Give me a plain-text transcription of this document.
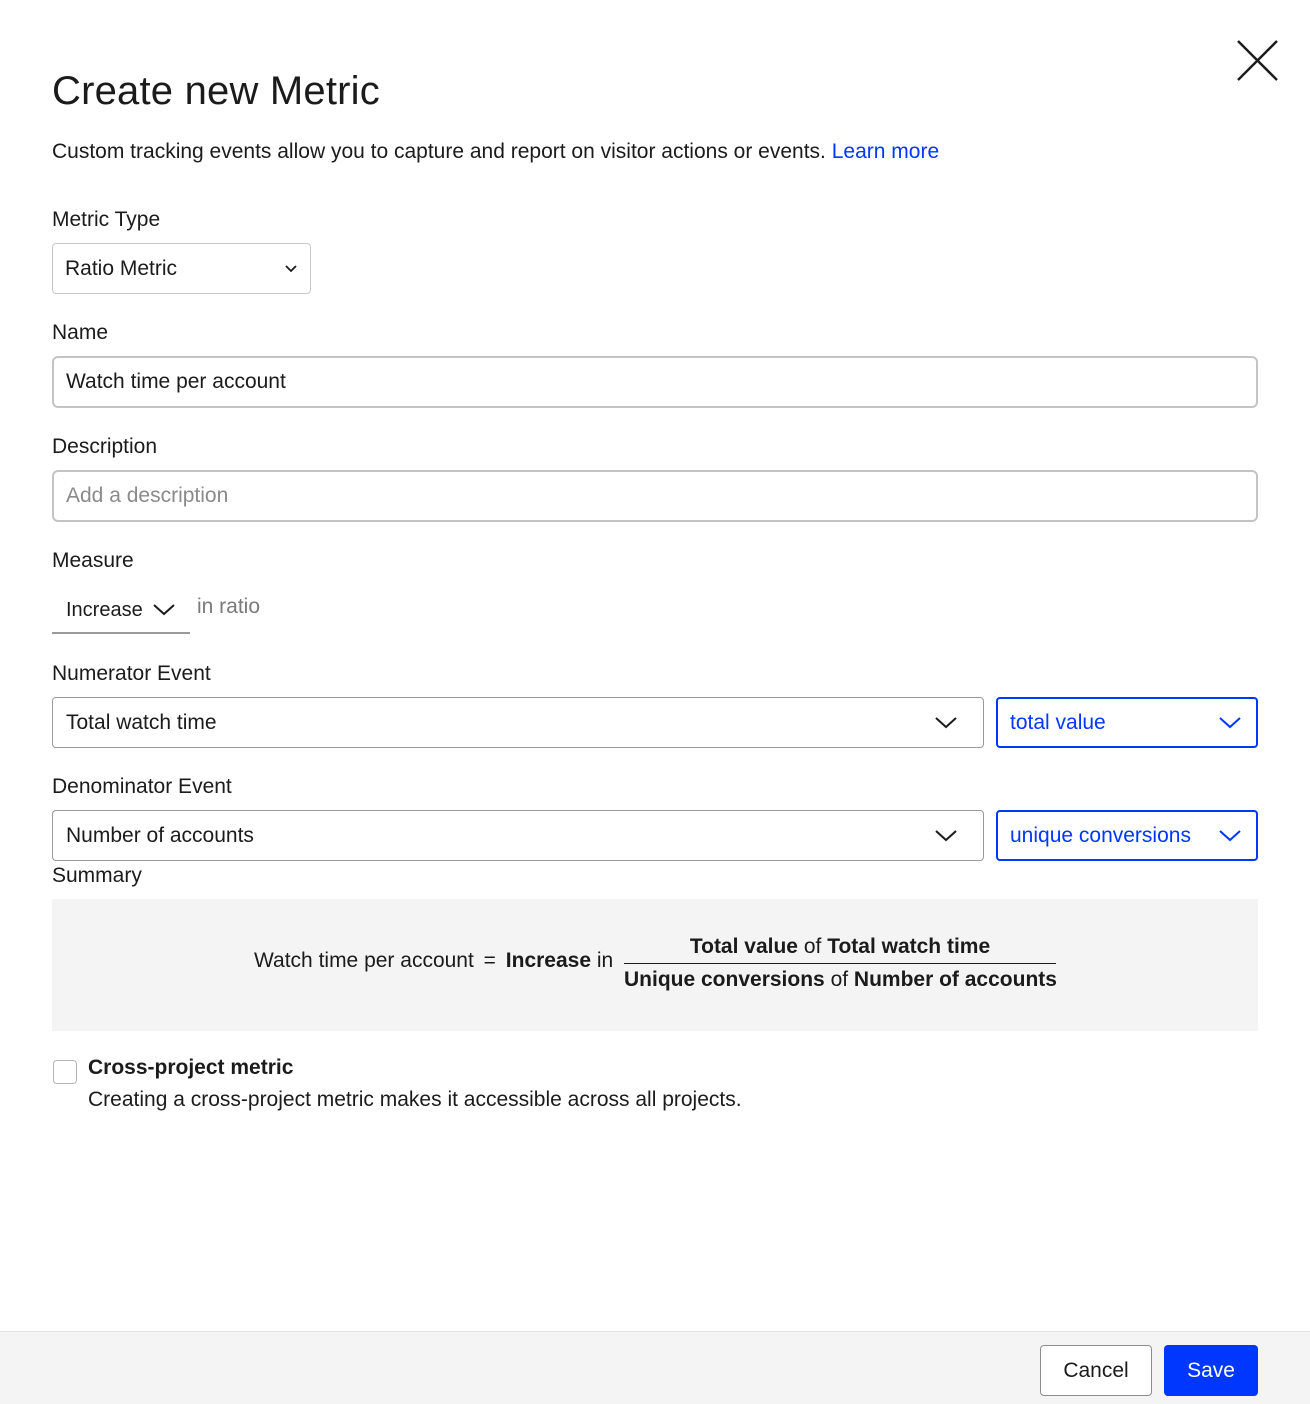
Create new Metric
Custom tracking events allow you to capture and report on visitor actions or events. Learn more
Metric Type
Ratio Metric
Name
Watch time per account
Description
Add a description
Measure
Increase	in ratio
Numerator Event
Total watch time	total value
Denominator Event
Number of accounts	unique conversions
Summary
Watch time per account = Increase in
Total value of Total watch time
Unique conversions of Number of accounts
Cross-project metric
Creating a cross-project metric makes it accessible across all projects.
Cancel	Save
